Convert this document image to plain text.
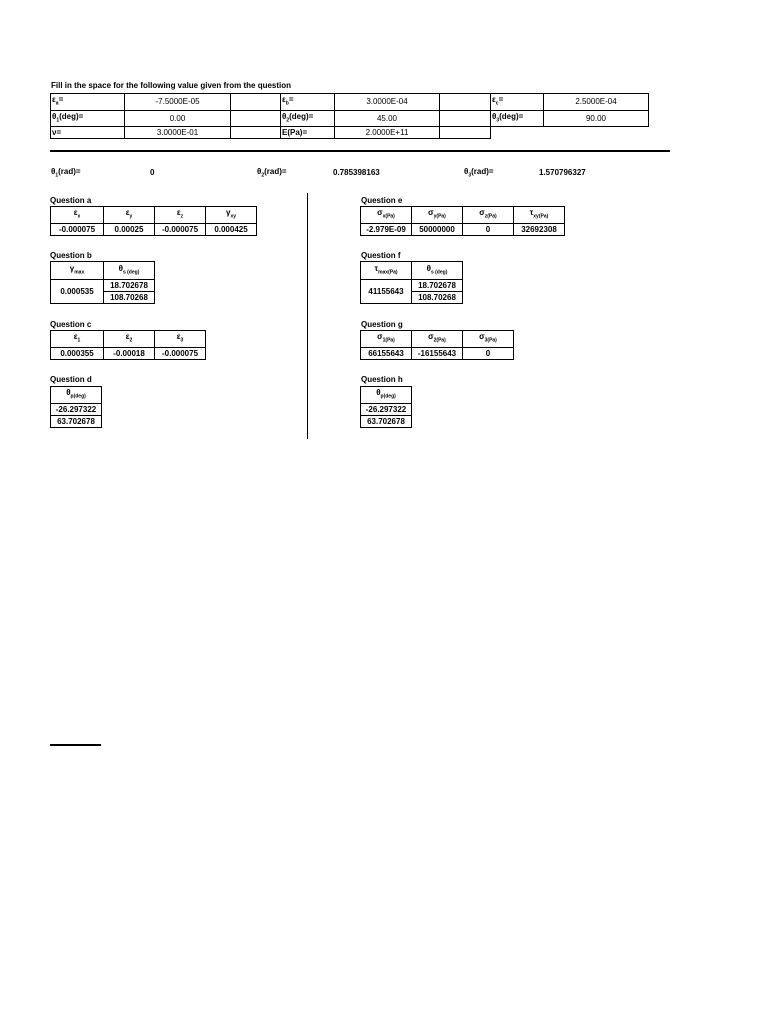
Fill in the space for the following value given from the question
$\varepsilon_a=$	-7.5000E-05		$\varepsilon_b=$	3.0000E-04		$\varepsilon_c=$	2.5000E-04
$\theta_1(deg)=$	0.00		$\theta_2(deg)=$	45.00		$\theta_3(deg)=$	90.00
ν=	3.0000E-01		E(Pa)=	2.0000E+11			
$\theta_1(rad)=$	0	$\theta_2(rad)=$	0.785398163	$\theta_3(rad)=$	1.570796327
Question a
$\varepsilon_x$	$\varepsilon_y$	$\varepsilon_z$	$\gamma_{xy}$
-0.000075	0.00025	-0.000075	0.000425
Question b
$\gamma_{max}$	$\theta_{s (deg)}$
0.000535	18.702678
	108.70268
Question c
$\varepsilon_1$	$\varepsilon_2$	$\varepsilon_3$
0.000355	-0.00018	-0.000075
Question d
$\theta_{p(deg)}$
-26.297322
63.702678
Question e
$\sigma_{x(Pa)}$	$\sigma_{y(Pa)}$	$\sigma_{z(Pa)}$	$\tau_{xy(Pa)}$
-2.979E-09	50000000	0	32692308
Question f
$\tau_{max(Pa)}$	$\theta_{s (deg)}$
41155643	18.702678
	108.70268
Question g
$\sigma_{1(Pa)}$	$\sigma_{2(Pa)}$	$\sigma_{3(Pa)}$
66155643	-16155643	0
Question h
$\theta_{p(deg)}$
-26.297322
63.702678
